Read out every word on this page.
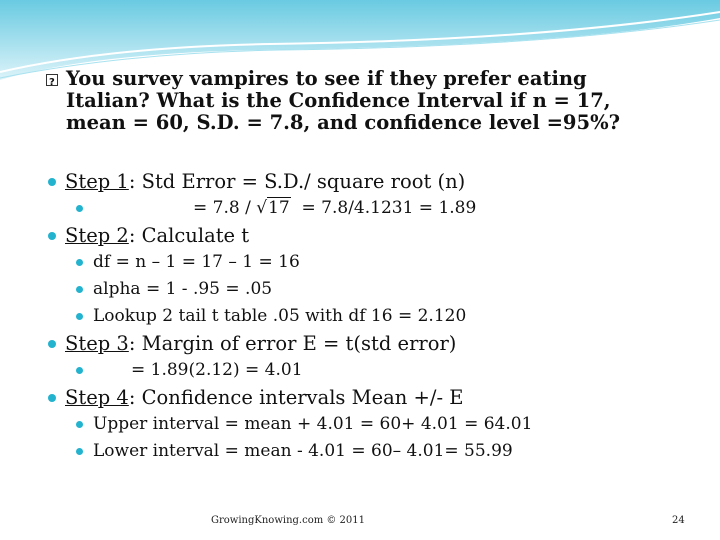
?
You survey vampires to see if they prefer eating
Italian? What is the Confidence Interval if n = 17,
mean = 60, S.D. = 7.8, and confidence level =95%?
Step 1: Std Error = S.D./ square root (n)
= 7.8 / √17  = 7.8/4.1231 = 1.89
Step 2: Calculate t
df = n – 1 = 17 – 1 = 16
alpha = 1 - .95 = .05
Lookup 2 tail t table .05 with df 16 = 2.120
Step 3: Margin of error E = t(std error)
= 1.89(2.12) = 4.01
Step 4: Confidence intervals Mean +/- E
Upper interval = mean + 4.01 = 60+ 4.01 = 64.01
Lower interval = mean - 4.01 = 60– 4.01= 55.99
GrowingKnowing.com © 2011	24
